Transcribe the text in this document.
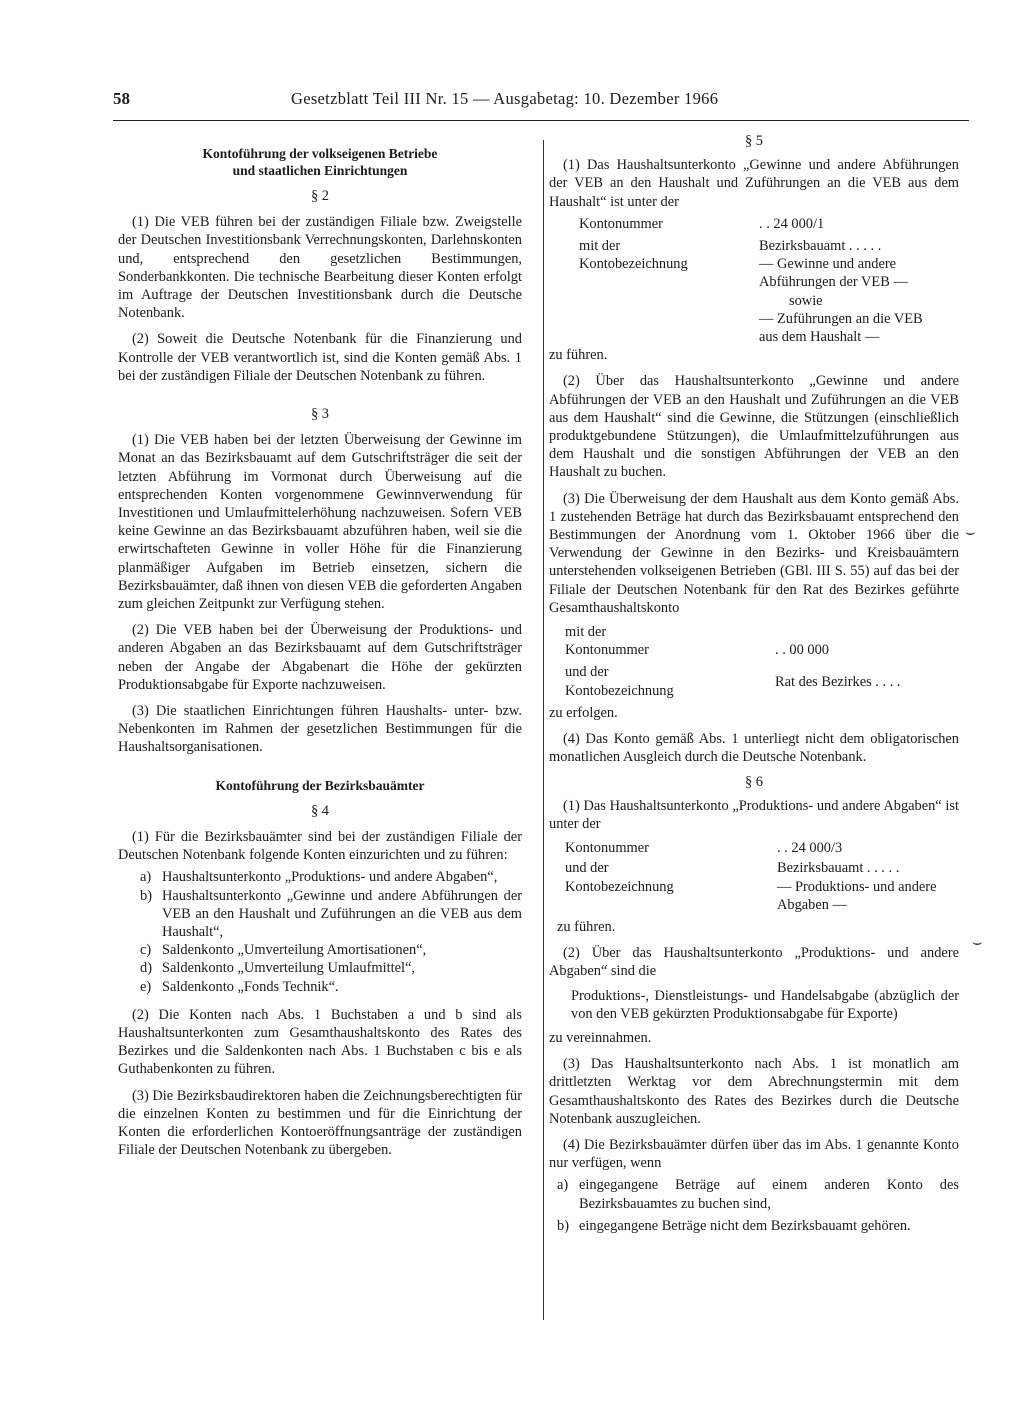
58	Gesetzblatt Teil III Nr. 15 — Ausgabetag: 10. Dezember 1966

Kontoführung der volkseigenen Betriebe

und staatlichen Einrichtungen

§ 2

(1) Die VEB führen bei der zuständigen Filiale bzw. Zweigstelle der Deutschen Investitionsbank Verrechnungskonten, Darlehnskonten und, entsprechend den gesetzlichen Bestimmungen, Sonderbankkonten. Die technische Bearbeitung dieser Konten erfolgt im Auftrage der Deutschen Investitionsbank durch die Deutsche Notenbank.

(2) Soweit die Deutsche Notenbank für die Finanzierung und Kontrolle der VEB verantwortlich ist, sind die Konten gemäß Abs. 1 bei der zuständigen Filiale der Deutschen Notenbank zu führen.

§ 3

(1) Die VEB haben bei der letzten Überweisung der Gewinne im Monat an das Bezirksbauamt auf dem Gutschriftsträger die seit der letzten Abführung im Vormonat durch Überweisung auf die entsprechenden Konten vorgenommene Gewinnverwendung für Investitionen und Umlaufmittelerhöhung nachzuweisen. Sofern VEB keine Gewinne an das Bezirksbauamt abzuführen haben, weil sie die erwirtschafteten Gewinne in voller Höhe für die Finanzierung planmäßiger Aufgaben im Betrieb einsetzen, sichern die Bezirksbauämter, daß ihnen von diesen VEB die geforderten Angaben zum gleichen Zeitpunkt zur Verfügung stehen.

(2) Die VEB haben bei der Überweisung der Produktions- und anderen Abgaben an das Bezirksbauamt auf dem Gutschriftsträger neben der Angabe der Abgabenart die Höhe der gekürzten Produktionsabgabe für Exporte nachzuweisen.

(3) Die staatlichen Einrichtungen führen Haushalts- unter- bzw. Nebenkonten im Rahmen der gesetzlichen Bestimmungen für die Haushaltsorganisationen.

Kontoführung der Bezirksbauämter

§ 4

(1) Für die Bezirksbauämter sind bei der zuständigen Filiale der Deutschen Notenbank folgende Konten einzurichten und zu führen:

a) Haushaltsunterkonto „Produktions- und andere Abgaben“,
b) Haushaltsunterkonto „Gewinne und andere Abführungen der VEB an den Haushalt und Zuführungen an die VEB aus dem Haushalt“,
c) Saldenkonto „Umverteilung Amortisationen“,
d) Saldenkonto „Umverteilung Umlaufmittel“,
e) Saldenkonto „Fonds Technik“.

(2) Die Konten nach Abs. 1 Buchstaben a und b sind als Haushaltsunterkonten zum Gesamthaushaltskonto des Rates des Bezirkes und die Saldenkonten nach Abs. 1 Buchstaben c bis e als Guthabenkonten zu führen.

(3) Die Bezirksbaudirektoren haben die Zeichnungsberechtigten für die einzelnen Konten zu bestimmen und für die Einrichtung der Konten die erforderlichen Kontoeröffnungsanträge der zuständigen Filiale der Deutschen Notenbank zu übergeben.

§ 5

(1) Das Haushaltsunterkonto „Gewinne und andere Abführungen der VEB an den Haushalt und Zuführungen an die VEB aus dem Haushalt“ ist unter der

Kontonummer	. . 24 000/1
mit der Kontobezeichnung
Bezirksbauamt . . . . .
— Gewinne und andere Abführungen der VEB —
sowie
— Zuführungen an die VEB aus dem Haushalt —

zu führen.

(2) Über das Haushaltsunterkonto „Gewinne und andere Abführungen der VEB an den Haushalt und Zuführungen an die VEB aus dem Haushalt“ sind die Gewinne, die Stützungen (einschließlich produktgebundene Stützungen), die Umlaufmittelzuführungen aus dem Haushalt und die sonstigen Abführungen der VEB an den Haushalt zu buchen.

(3) Die Überweisung der dem Haushalt aus dem Konto gemäß Abs. 1 zustehenden Beträge hat durch das Bezirksbauamt entsprechend den Bestimmungen der Anordnung vom 1. Oktober 1966 über die Verwendung der Gewinne in den Bezirks- und Kreisbauämtern unterstehenden volkseigenen Betrieben (GBl. III S. 55) auf das bei der Filiale der Deutschen Notenbank für den Rat des Bezirkes geführte Gesamthaushaltskonto

mit der Kontonummer	. . 00 000
und der Kontobezeichnung
Rat des Bezirkes . . . .

zu erfolgen.

(4) Das Konto gemäß Abs. 1 unterliegt nicht dem obligatorischen monatlichen Ausgleich durch die Deutsche Notenbank.

§ 6

(1) Das Haushaltsunterkonto „Produktions- und andere Abgaben“ ist unter der

Kontonummer	. . 24 000/3
und der Kontobezeichnung
Bezirksbauamt . . . . .
— Produktions- und andere Abgaben —

zu führen.

(2) Über das Haushaltsunterkonto „Produktions- und andere Abgaben“ sind die

Produktions-, Dienstleistungs- und Handelsabgabe (abzüglich der von den VEB gekürzten Produktionsabgabe für Exporte)

zu vereinnahmen.

(3) Das Haushaltsunterkonto nach Abs. 1 ist monatlich am drittletzten Werktag vor dem Abrechnungstermin mit dem Gesamthaushaltskonto des Rates des Bezirkes durch die Deutsche Notenbank auszugleichen.

(4) Die Bezirksbauämter dürfen über das im Abs. 1 genannte Konto nur verfügen, wenn

a) eingegangene Beträge auf einem anderen Konto des Bezirksbauamtes zu buchen sind,
b) eingegangene Beträge nicht dem Bezirksbauamt gehören.
⌣
⌣
